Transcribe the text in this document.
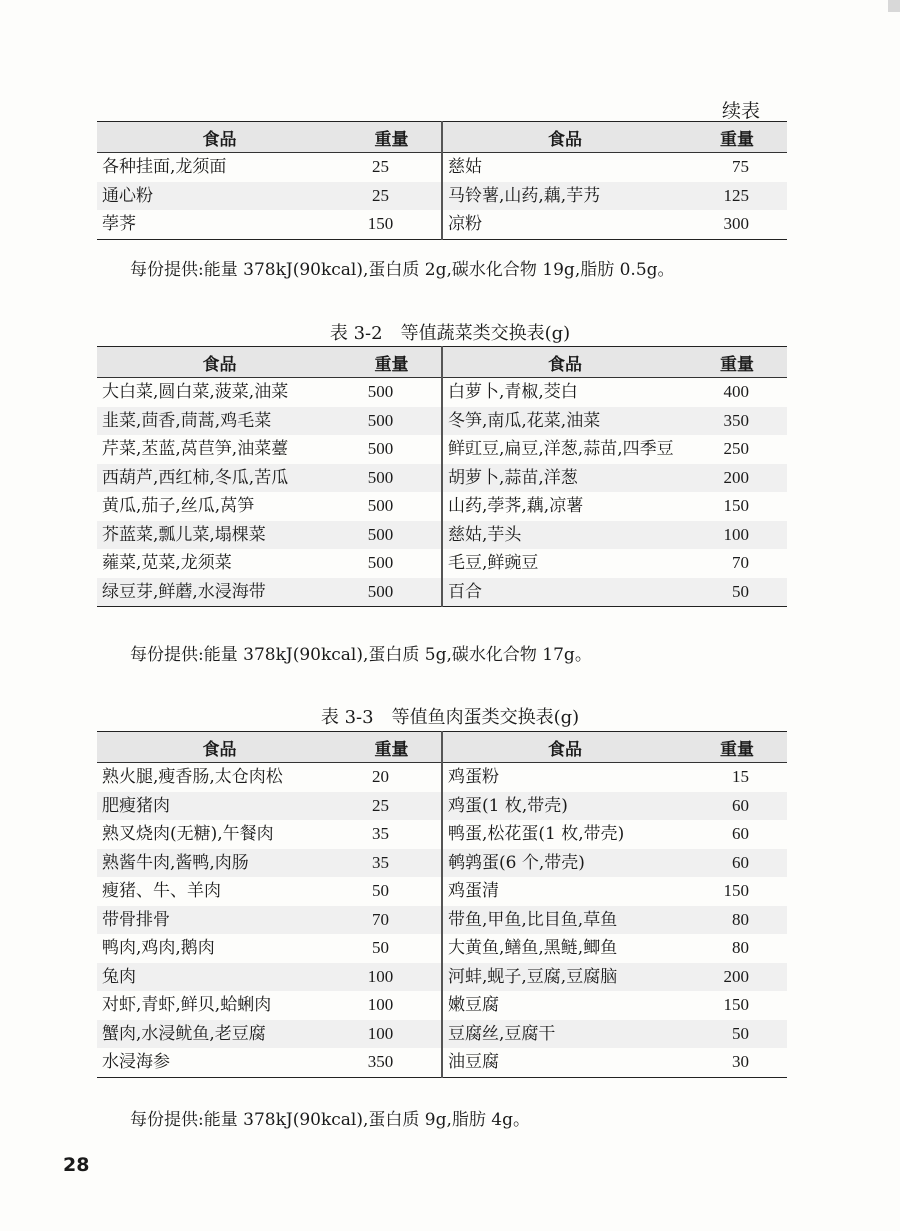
续表
食品	重量	食品	重量
各种挂面,龙须面	25	慈姑	75
通心粉	25	马铃薯,山药,藕,芋艿	125
荸荠	150	凉粉	300
每份提供:能量 378kJ(90kcal),蛋白质 2g,碳水化合物 19g,脂肪 0.5g。
表 3-2　等值蔬菜类交换表(g)
食品	重量	食品	重量
大白菜,圆白菜,菠菜,油菜	500	白萝卜,青椒,茭白	400
韭菜,茴香,茼蒿,鸡毛菜	500	冬笋,南瓜,花菜,油菜	350
芹菜,苤蓝,莴苣笋,油菜薹	500	鲜豇豆,扁豆,洋葱,蒜苗,四季豆	250
西葫芦,西红柿,冬瓜,苦瓜	500	胡萝卜,蒜苗,洋葱	200
黄瓜,茄子,丝瓜,莴笋	500	山药,荸荠,藕,凉薯	150
芥蓝菜,瓢儿菜,塌棵菜	500	慈姑,芋头	100
蕹菜,苋菜,龙须菜	500	毛豆,鲜豌豆	70
绿豆芽,鲜蘑,水浸海带	500	百合	50
每份提供:能量 378kJ(90kcal),蛋白质 5g,碳水化合物 17g。
表 3-3　等值鱼肉蛋类交换表(g)
食品	重量	食品	重量
熟火腿,瘦香肠,太仓肉松	20	鸡蛋粉	15
肥瘦猪肉	25	鸡蛋(1 枚,带壳)	60
熟叉烧肉(无糖),午餐肉	35	鸭蛋,松花蛋(1 枚,带壳)	60
熟酱牛肉,酱鸭,肉肠	35	鹌鹑蛋(6 个,带壳)	60
瘦猪、牛、羊肉	50	鸡蛋清	150
带骨排骨	70	带鱼,甲鱼,比目鱼,草鱼	80
鸭肉,鸡肉,鹅肉	50	大黄鱼,鳝鱼,黑鲢,鲫鱼	80
兔肉	100	河蚌,蚬子,豆腐,豆腐脑	200
对虾,青虾,鲜贝,蛤蜊肉	100	嫩豆腐	150
蟹肉,水浸鱿鱼,老豆腐	100	豆腐丝,豆腐干	50
水浸海参	350	油豆腐	30
每份提供:能量 378kJ(90kcal),蛋白质 9g,脂肪 4g。
28
